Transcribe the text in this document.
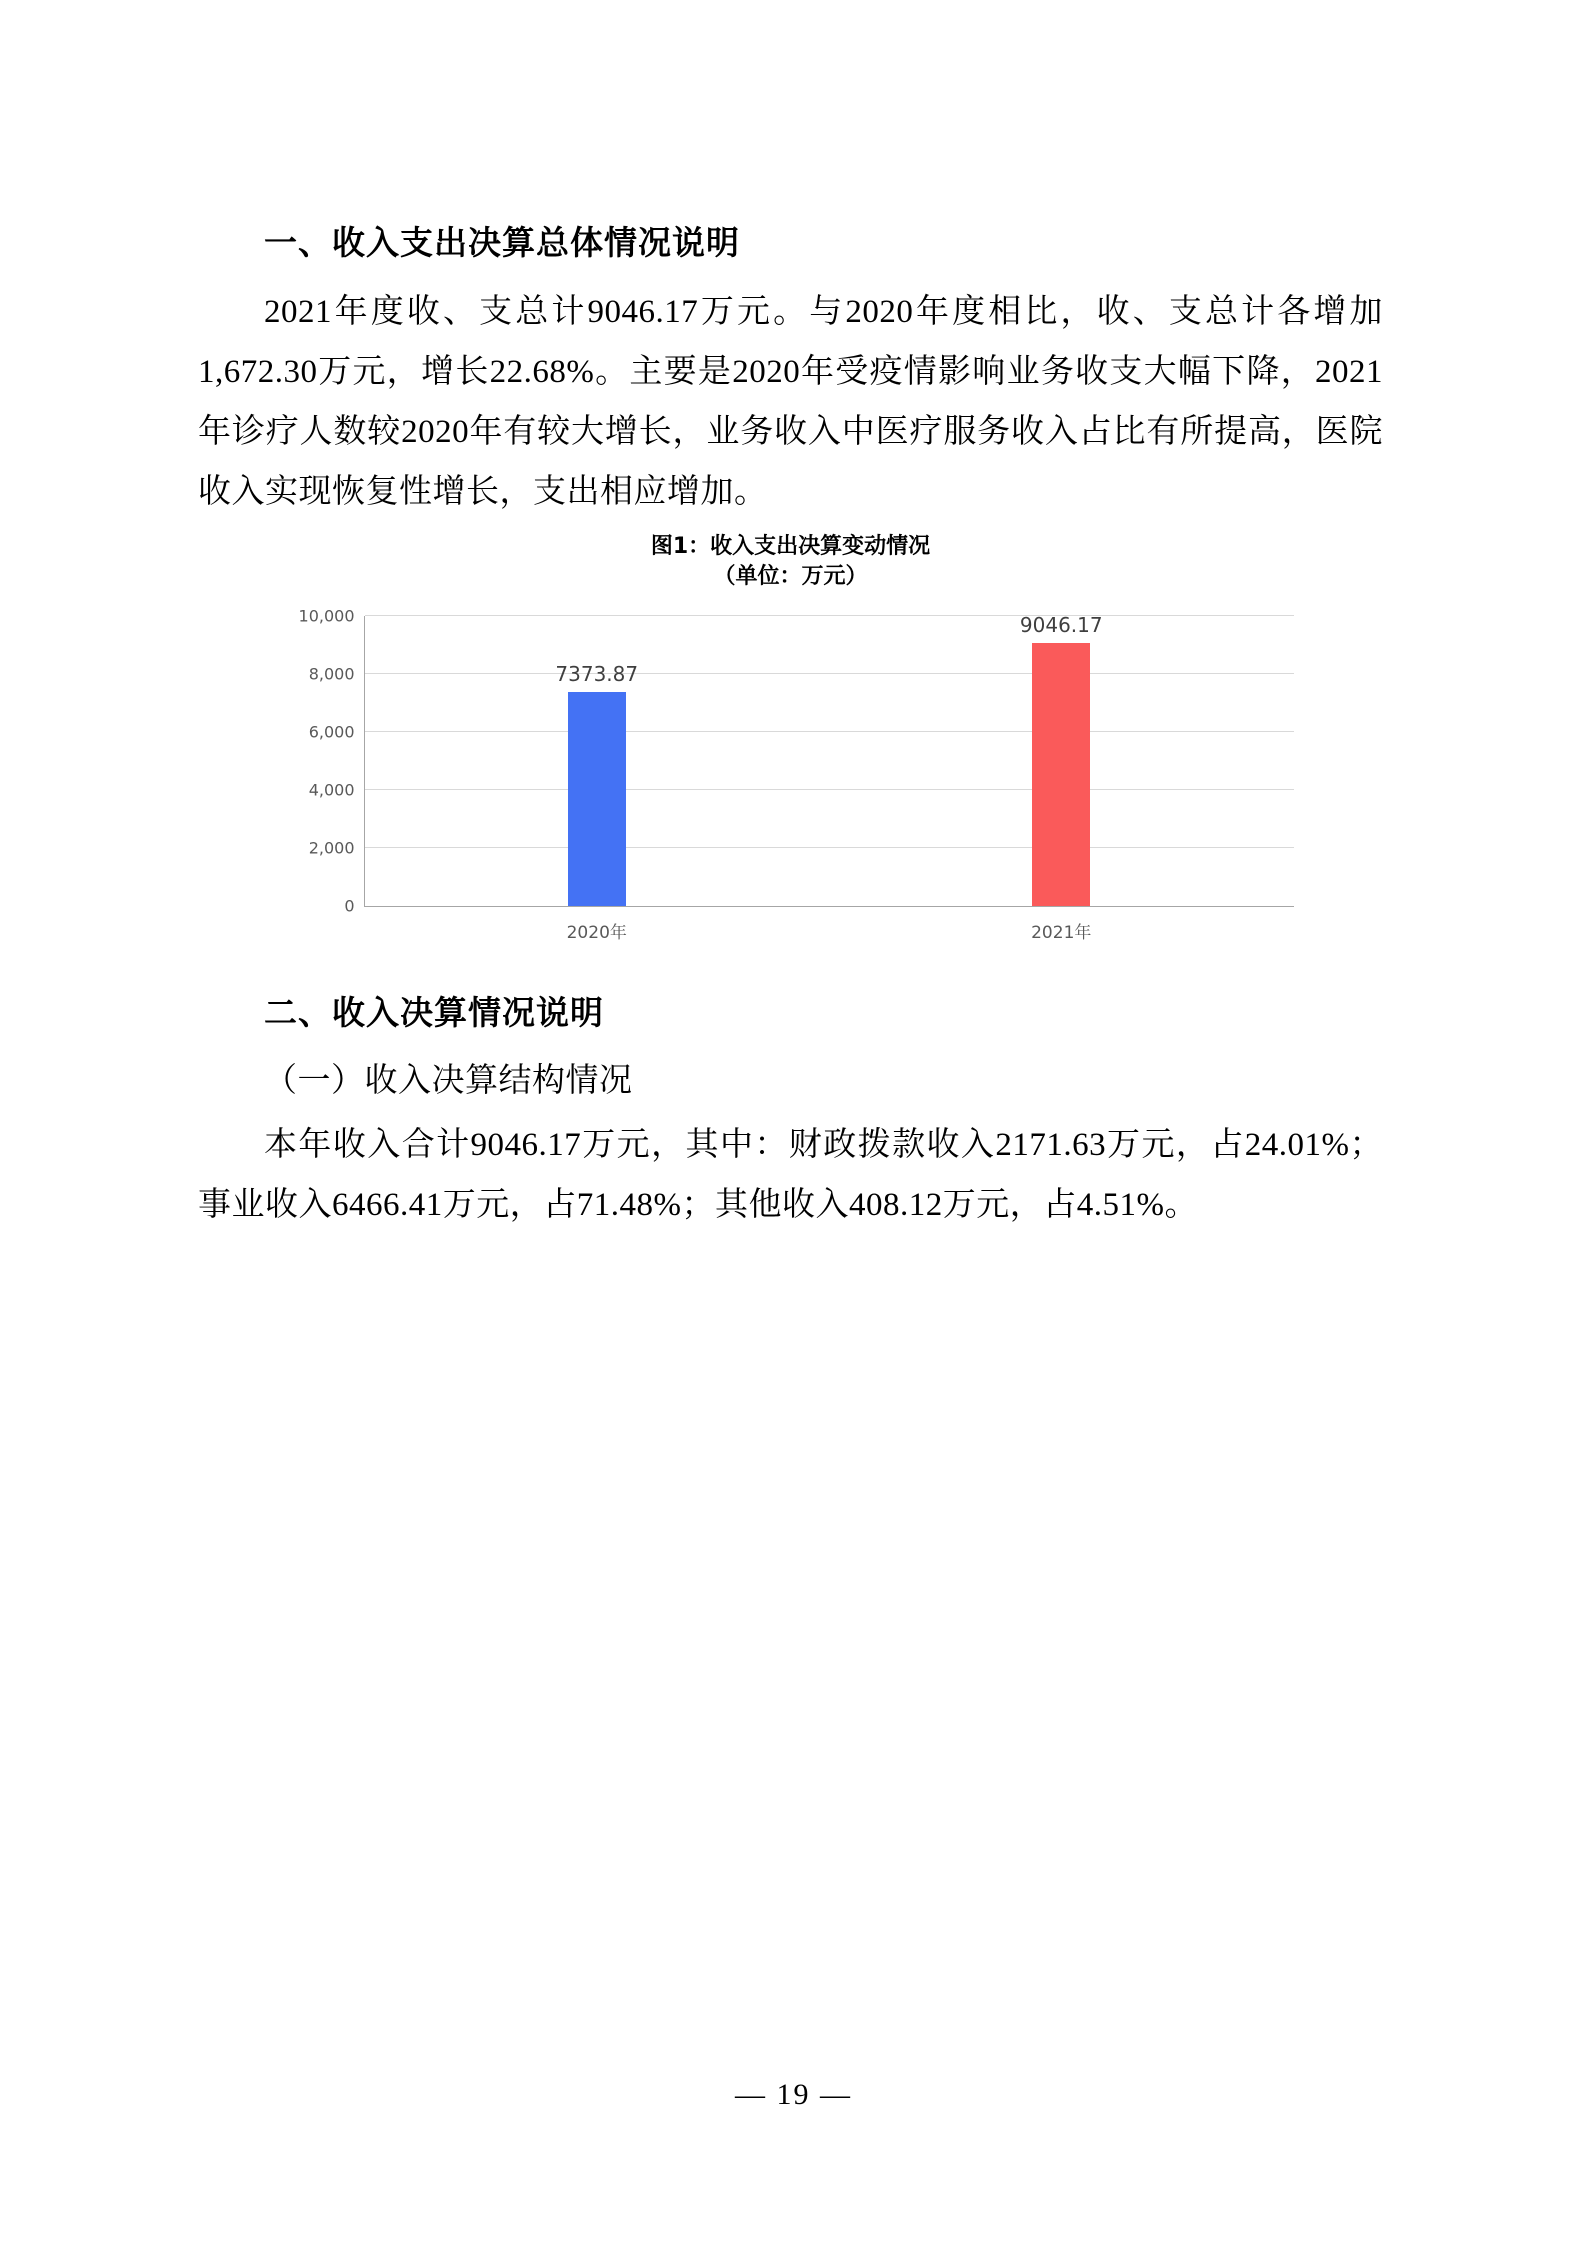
一、收入支出决算总体情况说明

2021年度收、支总计9046.17万元。与2020年度相比，收、支总计各增加1,672.30万元，增长22.68%。主要是2020年受疫情影响业务收支大幅下降，2021年诊疗人数较2020年有较大增长，业务收入中医疗服务收入占比有所提高，医院收入实现恢复性增长，支出相应增加。

图1：收入支出决算变动情况
（单位：万元）
0
2,000
4,000
6,000
8,000
10,000
7373.87
2020年
9046.17
2021年
二、收入决算情况说明

（一）收入决算结构情况

本年收入合计9046.17万元，其中：财政拨款收入2171.63万元，占24.01%；事业收入6466.41万元，占71.48%；其他收入408.12万元，占4.51%。

— 19 —
